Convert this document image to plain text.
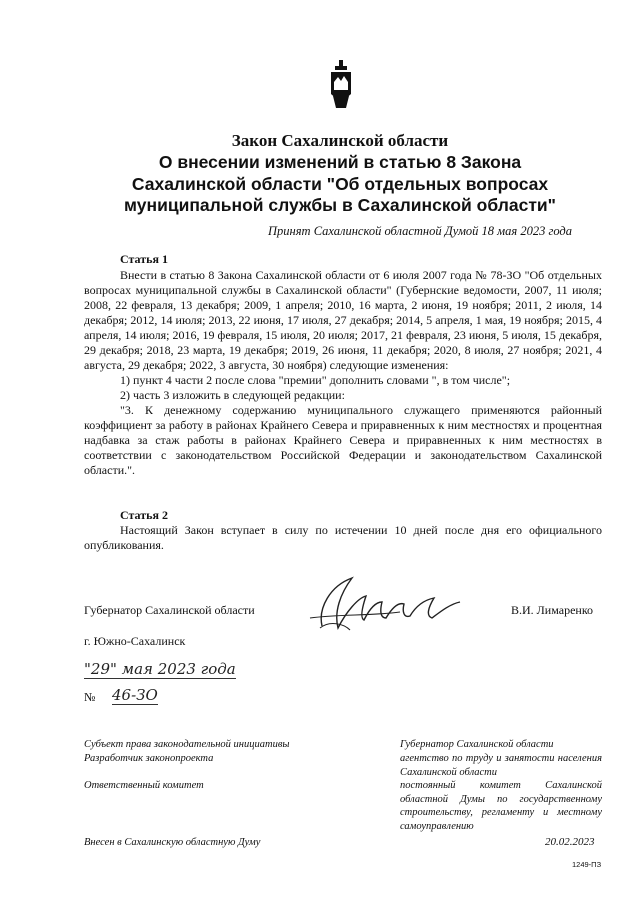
Закон Сахалинской области
О внесении изменений в статью 8 Закона
Сахалинской области "Об отдельных вопросах
муниципальной службы в Сахалинской области"
Принят Сахалинской областной Думой 18 мая 2023 года
Статья 1

Внести в статью 8 Закона Сахалинской области от 6 июля 2007 года № 78-ЗО "Об отдельных вопросах муниципальной службы в Сахалинской области" (Губернские ведомости, 2007, 11 июля; 2008, 22 февраля, 13 декабря; 2009, 1 апреля; 2010, 16 марта, 2 июня, 19 ноября; 2011, 2 июля, 14 декабря; 2012, 14 июля; 2013, 22 июня, 17 июля, 27 декабря; 2014, 5 апреля, 1 мая, 19 ноября; 2015, 4 апреля, 14 июля; 2016, 19 февраля, 15 июля, 20 июля; 2017, 21 февраля, 23 июня, 5 июля, 15 декабря, 29 декабря; 2018, 23 марта, 19 декабря; 2019, 26 июня, 11 декабря; 2020, 8 июля, 27 ноября; 2021, 4 августа, 29 декабря; 2022, 3 августа, 30 ноября) следующие изменения:

1) пункт 4 части 2 после слова "премии" дополнить словами ", в том числе";

2) часть 3 изложить в следующей редакции:

"3. К денежному содержанию муниципального служащего применяются районный коэффициент за работу в районах Крайнего Севера и приравненных к ним местностях и процентная надбавка за стаж работы в районах Крайнего Севера и приравненных к ним местностях в соответствии с законодательством Российской Федерации и законодательством Сахалинской области.".

Статья 2

Настоящий Закон вступает в силу по истечении 10 дней после дня его официального опубликования.

Губернатор Сахалинской области	В.И. Лимаренко
г. Южно-Сахалинск
"29" мая 2023 года
№ 46-ЗО
Субъект права законодательной инициативы
Разработчик законопроекта
Ответственный комитет
Внесен в Сахалинскую областную Думу
Губернатор Сахалинской области
агентство по труду и занятости населения Сахалинской области
постоянный комитет Сахалинской областной Думы по государственному строительству, регламенту и местному самоуправлению
20.02.2023
1249-ПЗ
